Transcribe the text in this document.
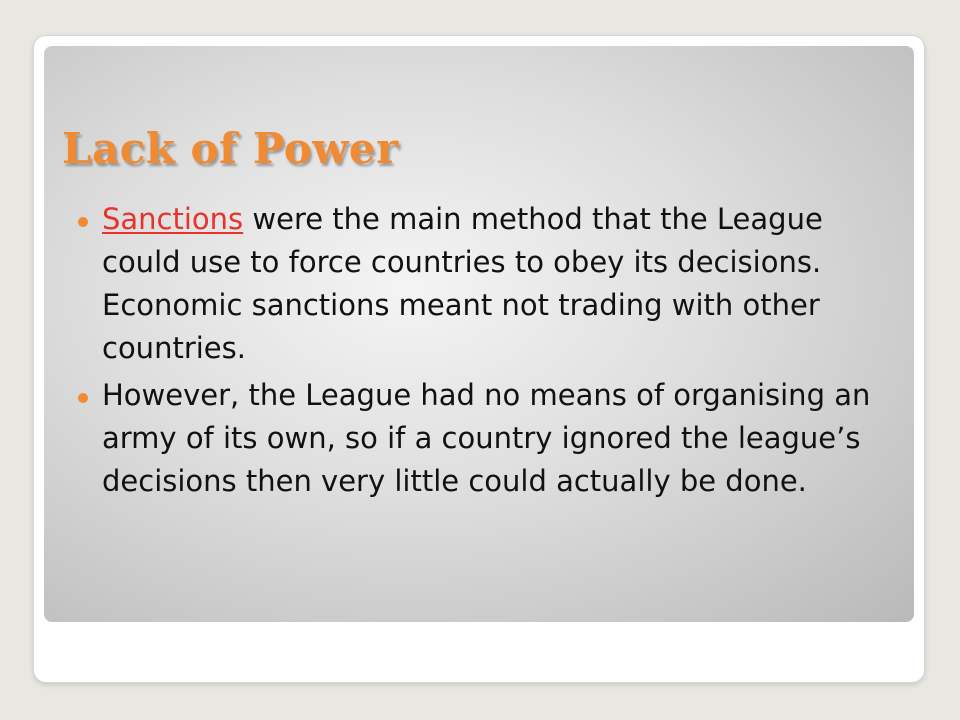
Lack of Power
Sanctions were the main method that the League could use to force countries to obey its decisions. Economic sanctions meant not trading with other countries.
However, the League had no means of organising an army of its own, so if a country ignored the league’s decisions then very little could actually be done.
